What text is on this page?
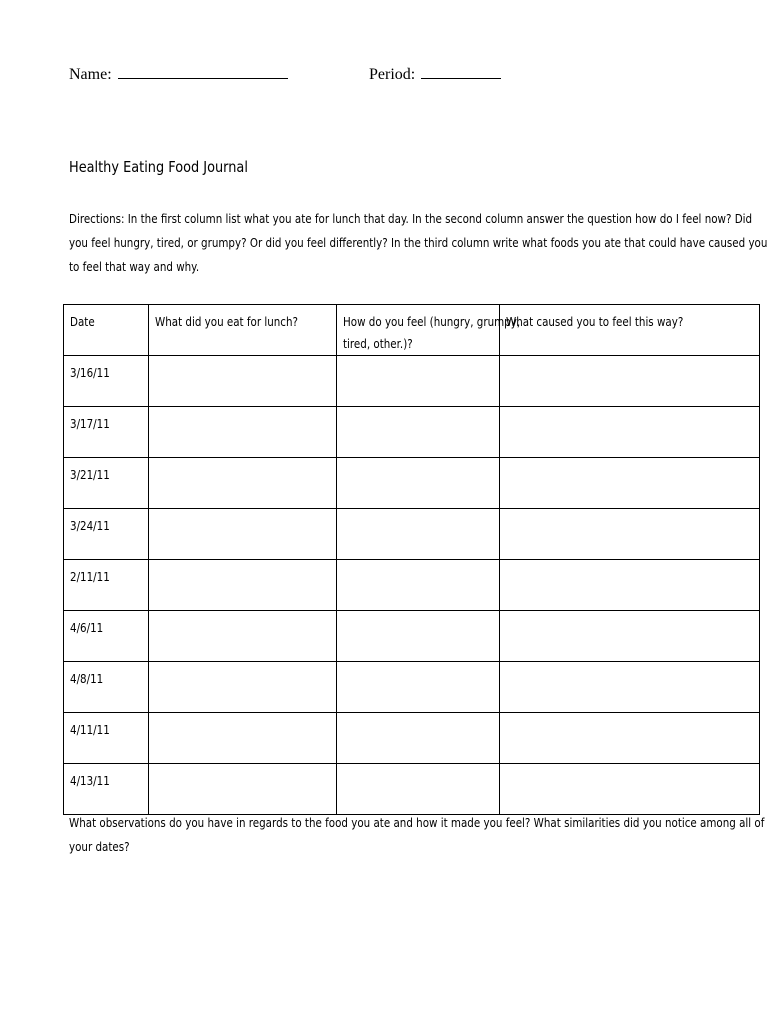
Name:	Period:
Healthy Eating Food Journal
Directions: In the first column list what you ate for lunch that day. In the second column answer the question how do I feel now? Did
you feel hungry, tired, or grumpy? Or did you feel differently? In the third column write what foods you ate that could have caused you
to feel that way and why.
Date	What did you eat for lunch?	How do you feel (hungry, grumpy,
tired, other.)?	What caused you to feel this way?

3/16/11			

3/17/11			

3/21/11			

3/24/11			

2/11/11			

4/6/11			

4/8/11			

4/11/11			

4/13/11			

What observations do you have in regards to the food you ate and how it made you feel? What similarities did you notice among all of
your dates?
